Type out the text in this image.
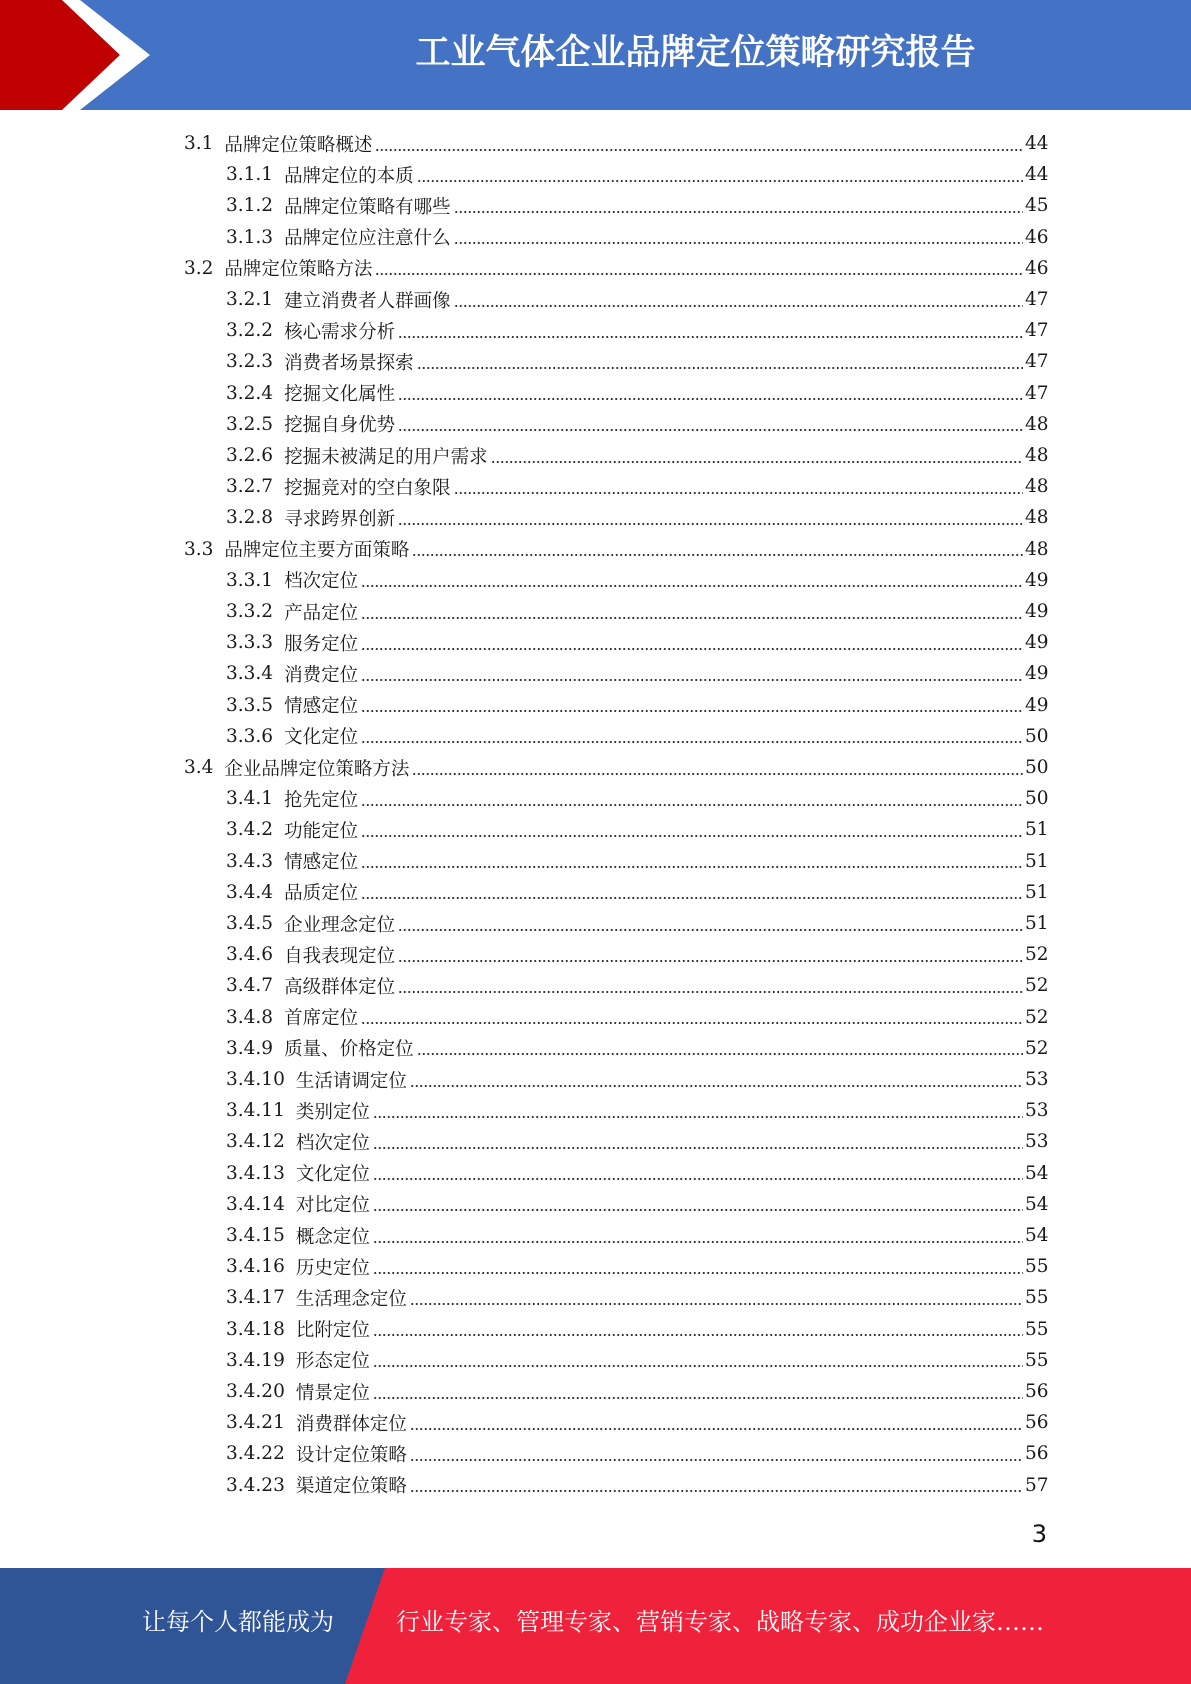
工业气体企业品牌定位策略研究报告
3.1 品牌定位策略概述	44
3.1.1 品牌定位的本质	44
3.1.2 品牌定位策略有哪些	45
3.1.3 品牌定位应注意什么	46
3.2 品牌定位策略方法	46
3.2.1 建立消费者人群画像	47
3.2.2 核心需求分析	47
3.2.3 消费者场景探索	47
3.2.4 挖掘文化属性	47
3.2.5 挖掘自身优势	48
3.2.6 挖掘未被满足的用户需求	48
3.2.7 挖掘竞对的空白象限	48
3.2.8 寻求跨界创新	48
3.3 品牌定位主要方面策略	48
3.3.1 档次定位	49
3.3.2 产品定位	49
3.3.3 服务定位	49
3.3.4 消费定位	49
3.3.5 情感定位	49
3.3.6 文化定位	50
3.4 企业品牌定位策略方法	50
3.4.1 抢先定位	50
3.4.2 功能定位	51
3.4.3 情感定位	51
3.4.4 品质定位	51
3.4.5 企业理念定位	51
3.4.6 自我表现定位	52
3.4.7 高级群体定位	52
3.4.8 首席定位	52
3.4.9 质量、价格定位	52
3.4.10 生活请调定位	53
3.4.11 类别定位	53
3.4.12 档次定位	53
3.4.13 文化定位	54
3.4.14 对比定位	54
3.4.15 概念定位	54
3.4.16 历史定位	55
3.4.17 生活理念定位	55
3.4.18 比附定位	55
3.4.19 形态定位	55
3.4.20 情景定位	56
3.4.21 消费群体定位	56
3.4.22 设计定位策略	56
3.4.23 渠道定位策略	57
3
让每个人都能成为	行业专家、管理专家、营销专家、战略专家、成功企业家……
